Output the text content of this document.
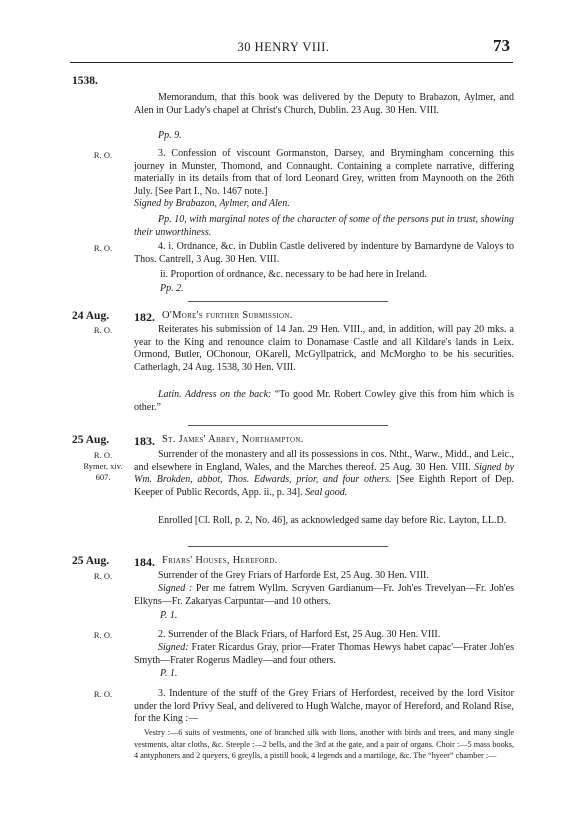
30 HENRY VIII.	73
1538.
Memorandum, that this book was delivered by the Deputy to Brabazon, Aylmer, and Alen in Our Lady's chapel at Christ's Church, Dublin. 23 Aug. 30 Hen. VIII.
Pp. 9.
R. O.	3. Confession of viscount Gormanston, Darsey, and Brymingham concerning this journey in Munster, Thomond, and Connaught. Containing a complete narrative, differing materially in its details from that of lord Leonard Grey, written from Maynooth on the 26th July. [See Part I., No. 1467 note.]
Signed by Brabazon, Aylmer, and Alen.
Pp. 10, with marginal notes of the character of some of the persons put in trust, showing their unworthiness.
R. O.	4. i. Ordnance, &c. in Dublin Castle delivered by indenture by Barnardyne de Valoys to Thos. Cantrell, 3 Aug. 30 Hen. VIII.
ii. Proportion of ordnance, &c. necessary to be had here in Ireland.
Pp. 2.
24 Aug. 182. O'More's further Submission.
R. O.	Reiterates his submission of 14 Jan. 29 Hen. VIII., and, in addition, will pay 20 mks. a year to the King and renounce claim to Donamase Castle and all Kildare's lands in Leix. Ormond, Butler, OChonour, OKarell, McGyllpatrick, and McMorgho to be his securities. Catherlagh, 24 Aug. 1538, 30 Hen. VIII.
Latin. Address on the back: “To good Mr. Robert Cowley give this from him which is other.”
25 Aug. 183. St. James' Abbey, Northampton.
R. O.
Rymer, xiv.
607.
Surrender of the monastery and all its possessions in cos. Ntht., Warw., Midd., and Leic., and elsewhere in England, Wales, and the Marches thereof. 25 Aug. 30 Hen. VIII. Signed by Wm. Brokden, abbot, Thos. Edwards, prior, and four others. [See Eighth Report of Dep. Keeper of Public Records, App. ii., p. 34]. Seal good.
Enrolled [Cl. Roll, p. 2, No. 46], as acknowledged same day before Ric. Layton, LL.D.
25 Aug. 184. Friars' Houses, Hereford.
R. O.	Surrender of the Grey Friars of Harforde Est, 25 Aug. 30 Hen. VIII.
Signed : Per me fatrem Wyllm. Scryven Gardianum—Fr. Joh'es Trevelyan—Fr. Joh'es Elkyns—Fr. Zakaryas Carpuntar—and 10 others.
P. 1.
R. O.	2. Surrender of the Black Friars, of Harford Est, 25 Aug. 30 Hen. VIII.
Signed: Frater Ricardus Gray, prior—Frater Thomas Hewys habet capac'—Frater Joh'es Smyth—Frater Rogerus Madley—and four others.
P. 1.
R. O.	3. Indenture of the stuff of the Grey Friars of Herfordest, received by the lord Visitor under the lord Privy Seal, and delivered to Hugh Walche, mayor of Hereford, and Roland Rise, for the King :—
Vestry :—6 suits of vestments, one of branched silk with lions, another with birds and trees, and many single vestments, altar cloths, &c. Steeple :—2 bells, and the 3rd at the gate, and a pair of organs. Choir :—5 mass books, 4 antyphoners and 2 queyers, 6 greylls, a pistill book, 4 legends and a martiloge, &c. The “hyeer” chamber :—
